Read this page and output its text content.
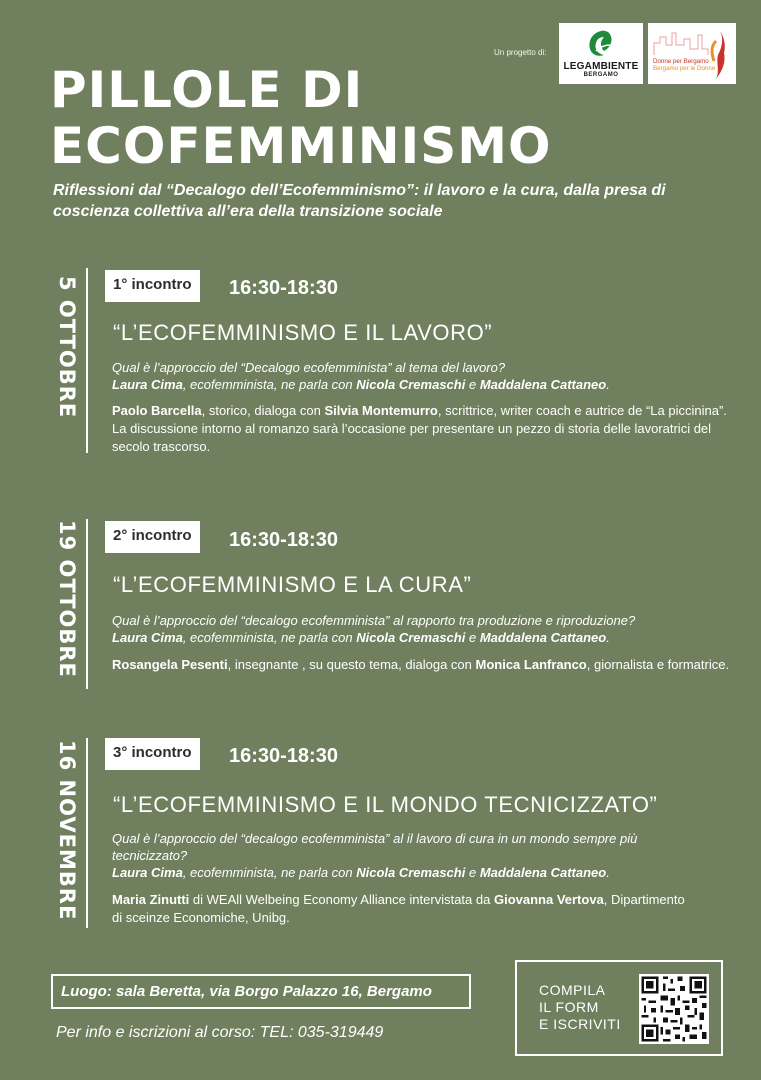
Un progetto di:
LEGAMBIENTE
BERGAMO
Donne per Bergamo
Bergamo per le Donne
PILLOLE DI
ECOFEMMINISMO
Riflessioni dal “Decalogo dell’Ecofemminismo”: il lavoro e la cura, dalla presa di coscienza collettiva all’era della transizione sociale
5 OTTOBRE	1° incontro	16:30-18:30
“L’ECOFEMMINISMO E IL LAVORO”
Qual è l’approccio del “Decalogo ecofemminista” al tema del lavoro?
Laura Cima, ecofemminista, ne parla con Nicola Cremaschi e Maddalena Cattaneo.
Paolo Barcella, storico, dialoga con Silvia Montemurro, scrittrice, writer coach e autrice de “La piccinina”. La discussione intorno al romanzo sarà l’occasione per presentare un pezzo di storia delle lavoratrici del secolo trascorso.
19 OTTOBRE	2° incontro	16:30-18:30
“L’ECOFEMMINISMO E LA CURA”
Qual è l’approccio del “decalogo ecofemminista” al rapporto tra produzione e riproduzione?
Laura Cima, ecofemminista, ne parla con Nicola Cremaschi e Maddalena Cattaneo.
Rosangela Pesenti, insegnante , su questo tema, dialoga con Monica Lanfranco, giornalista e formatrice.
16 NOVEMBRE	3° incontro	16:30-18:30
“L’ECOFEMMINISMO E IL MONDO TECNICIZZATO”
Qual è l’approccio del “decalogo ecofemminista” al il lavoro di cura in un mondo sempre più tecnicizzato?
Laura Cima, ecofemminista, ne parla con Nicola Cremaschi e Maddalena Cattaneo.
Maria Zinutti di WEAll Welbeing Economy Alliance intervistata da Giovanna Vertova, Dipartimento di sceinze Economiche, Unibg.
Luogo: sala Beretta, via Borgo Palazzo 16, Bergamo
Per info e iscrizioni al corso: TEL: 035-319449
COMPILA
IL FORM
E ISCRIVITI
